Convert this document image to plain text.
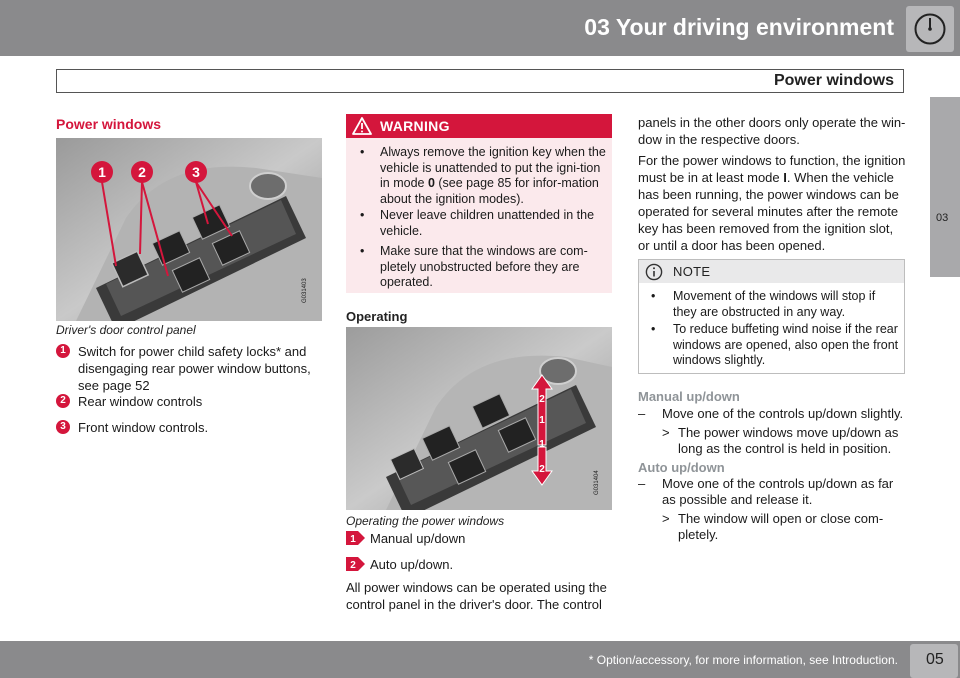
03 Your driving environment
Power windows
03
Power windows
1 2	3
G031403
Driver's door control panel
1 Switch for power child safety locks* and disengaging rear power window buttons, see page 52
2 Rear window controls
3 Front window controls.
WARNING
• Always remove the ignition key when the vehicle is unattended to put the igni-tion in mode 0 (see page 85 for infor-mation about the ignition modes).
• Never leave children unattended in the vehicle.
• Make sure that the windows are com-pletely unobstructed before they are operated.
Operating
2
1
1
2
G031404
Operating the power windows
1 Manual up/down
2 Auto up/down.
All power windows can be operated using the control panel in the driver's door. The control
panels in the other doors only operate the win-dow in the respective doors.
For the power windows to function, the ignition must be in at least mode I. When the vehicle has been running, the power windows can be operated for several minutes after the remote key has been removed from the ignition slot, or until a door has been opened.
NOTE
• Movement of the windows will stop if they are obstructed in any way.
• To reduce buffeting wind noise if the rear windows are opened, also open the front windows slightly.
Manual up/down
– Move one of the controls up/down slightly.
> The power windows move up/down as long as the control is held in position.
Auto up/down
– Move one of the controls up/down as far as possible and release it.
> The window will open or close com-pletely.
* Option/accessory, for more information, see Introduction. 05
